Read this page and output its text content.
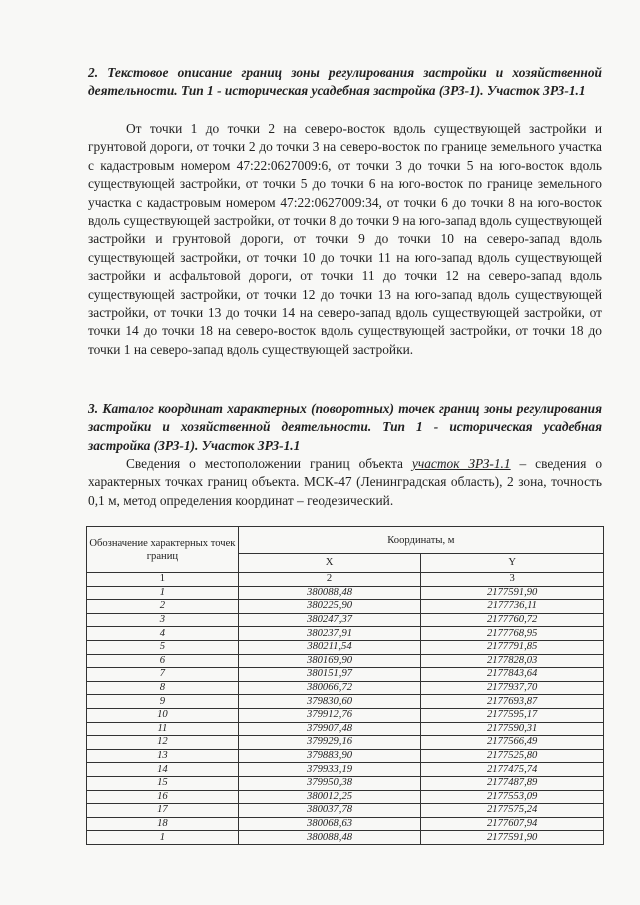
2. Текстовое описание границ зоны регулирования застройки и хозяйственной деятельности. Тип 1 - историческая усадебная застройка (ЗРЗ-1). Участок ЗРЗ-1.1
От точки 1 до точки 2 на северо-восток вдоль существующей застройки и грунтовой дороги, от точки 2 до точки 3 на северо-восток по границе земельного участка с кадастровым номером 47:22:0627009:6, от точки 3 до точки 5 на юго-восток вдоль существующей застройки, от точки 5 до точки 6 на юго-восток по границе земельного участка с кадастровым номером 47:22:0627009:34, от точки 6 до точки 8 на юго-восток вдоль существующей застройки, от точки 8 до точки 9 на юго-запад вдоль существующей застройки и грунтовой дороги, от точки 9 до точки 10 на северо-запад вдоль существующей застройки, от точки 10 до точки 11 на юго-запад вдоль существующей застройки и асфальтовой дороги, от точки 11 до точки 12 на северо-запад вдоль существующей застройки, от точки 12 до точки 13 на юго-запад вдоль существующей застройки, от точки 13 до точки 14 на северо-запад вдоль существующей застройки, от точки 14 до точки 18 на северо-восток вдоль существующей застройки, от точки 18 до точки 1 на северо-запад вдоль существующей застройки.
3. Каталог координат характерных (поворотных) точек границ зоны регулирования застройки и хозяйственной деятельности. Тип 1 - историческая усадебная застройка (ЗРЗ-1). Участок ЗРЗ-1.1
Сведения о местоположении границ объекта участок ЗРЗ-1.1 – сведения о характерных точках границ объекта. МСК-47 (Ленинградская область), 2 зона, точность 0,1 м, метод определения координат – геодезический.
Обозначение характерных точек границ	Координаты, м	
	X	Y
1	2	3
1	380088,48	2177591,90
2	380225,90	2177736,11
3	380247,37	2177760,72
4	380237,91	2177768,95
5	380211,54	2177791,85
6	380169,90	2177828,03
7	380151,97	2177843,64
8	380066,72	2177937,70
9	379830,60	2177693,87
10	379912,76	2177595,17
11	379907,48	2177590,31
12	379929,16	2177566,49
13	379883,90	2177525,80
14	379933,19	2177475,74
15	379950,38	2177487,89
16	380012,25	2177553,09
17	380037,78	2177575,24
18	380068,63	2177607,94
1	380088,48	2177591,90
